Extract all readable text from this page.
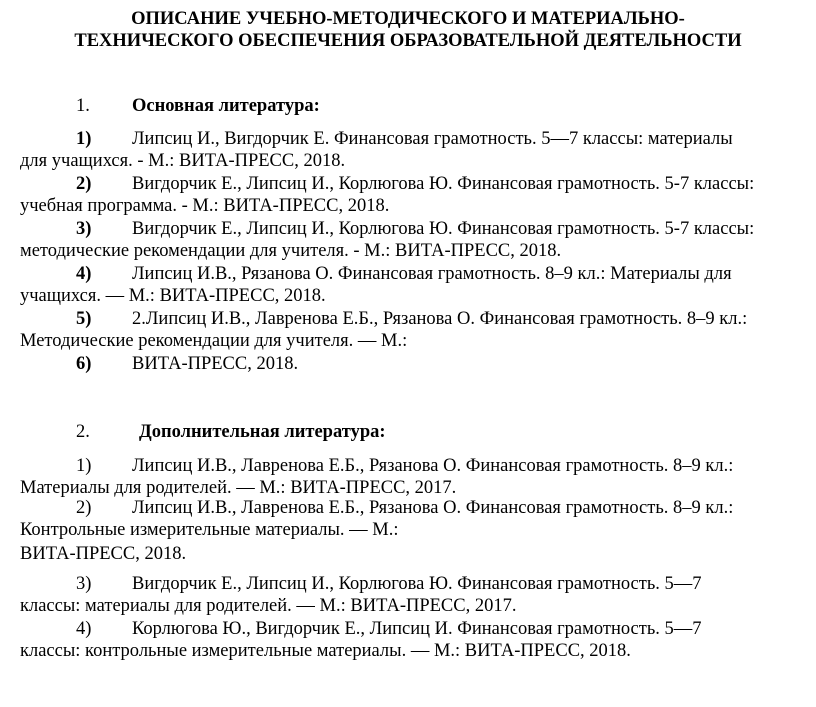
ОПИСАНИЕ УЧЕБНО-МЕТОДИЧЕСКОГО И МАТЕРИАЛЬНО-
ТЕХНИЧЕСКОГО ОБЕСПЕЧЕНИЯ ОБРАЗОВАТЕЛЬНОЙ ДЕЯТЕЛЬНОСТИ
1. Основная литература:

1) Липсиц И., Вигдорчик Е. Финансовая грамотность. 5—7 классы: материалы

для учащихся. - М.: ВИТА-ПРЕСС, 2018.

2) Вигдорчик Е., Липсиц И., Корлюгова Ю. Финансовая грамотность. 5-7 классы:

учебная программа. - М.: ВИТА-ПРЕСС, 2018.

3) Вигдорчик Е., Липсиц И., Корлюгова Ю. Финансовая грамотность. 5-7 классы:

методические рекомендации для учителя. - М.: ВИТА-ПРЕСС, 2018.

4) Липсиц И.В., Рязанова О. Финансовая грамотность. 8–9 кл.: Материалы для

учащихся. — М.: ВИТА-ПРЕСС, 2018.

5) 2.Липсиц И.В., Лавренова Е.Б., Рязанова О. Финансовая грамотность. 8–9 кл.:

Методические рекомендации для учителя. — М.:

6) ВИТА-ПРЕСС, 2018.

2.	Дополнительная литература:

1) Липсиц И.В., Лавренова Е.Б., Рязанова О. Финансовая грамотность. 8–9 кл.:

Материалы для родителей. — М.: ВИТА-ПРЕСС, 2017.

2) Липсиц И.В., Лавренова Е.Б., Рязанова О. Финансовая грамотность. 8–9 кл.:

Контрольные измерительные материалы. — М.:

ВИТА-ПРЕСС, 2018.

3) Вигдорчик Е., Липсиц И., Корлюгова Ю. Финансовая грамотность. 5—7

классы: материалы для родителей. — М.: ВИТА-ПРЕСС, 2017.

4) Корлюгова Ю., Вигдорчик Е., Липсиц И. Финансовая грамотность. 5—7

классы: контрольные измерительные материалы. — М.: ВИТА-ПРЕСС, 2018.
